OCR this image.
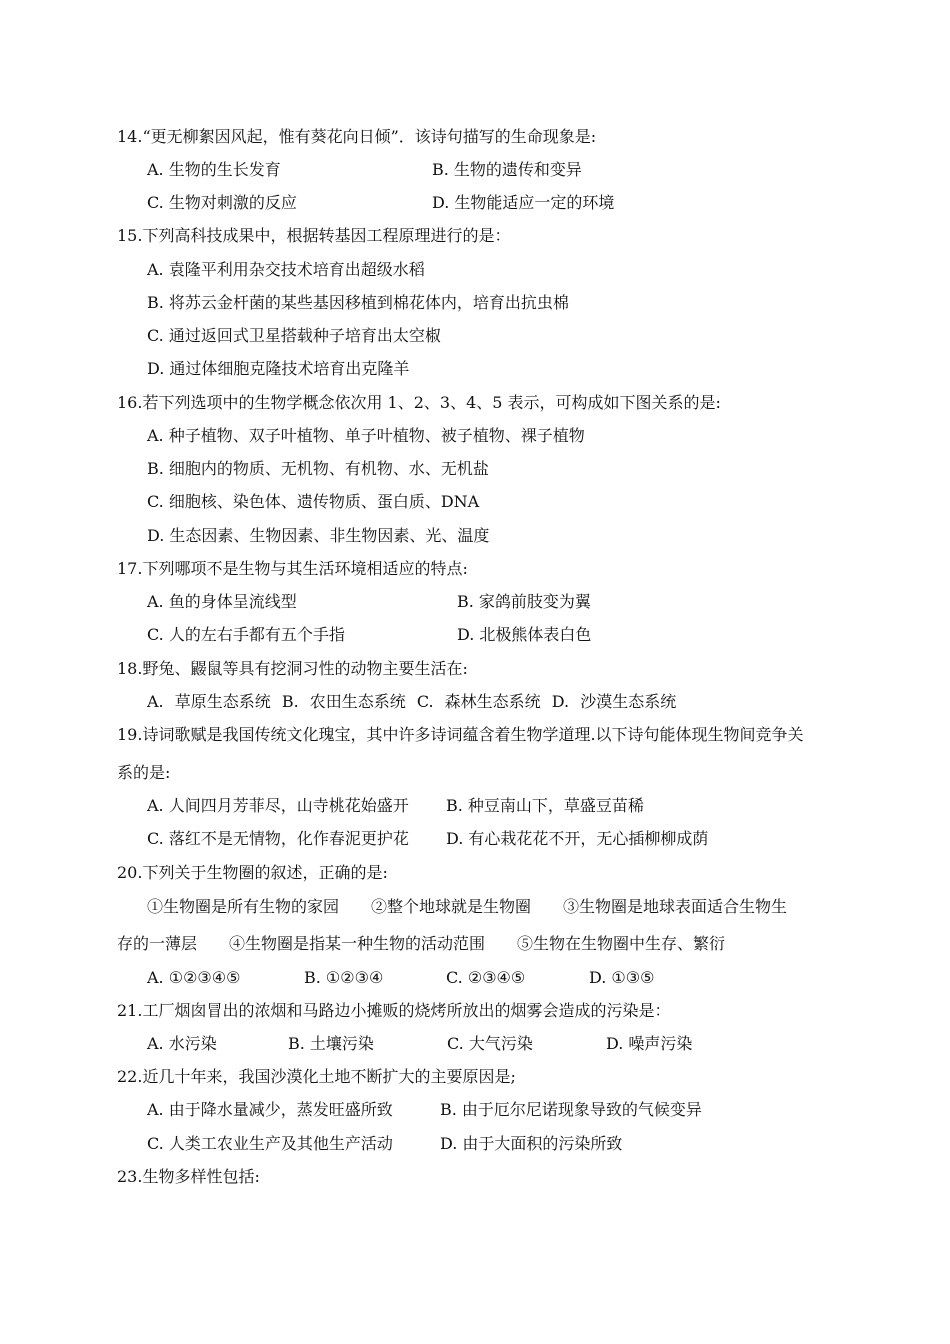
14.“更无柳絮因风起，惟有葵花向日倾”．该诗句描写的生命现象是:
A. 生物的生长发育	B. 生物的遗传和变异
C. 生物对刺激的反应	D. 生物能适应一定的环境
15.下列高科技成果中，根据转基因工程原理进行的是：
A. 袁隆平利用杂交技术培育出超级水稻
B. 将苏云金杆菌的某些基因移植到棉花体内，培育出抗虫棉
C. 通过返回式卫星搭载种子培育出太空椒
D. 通过体细胞克隆技术培育出克隆羊
16.若下列选项中的生物学概念依次用 1、2、3、4、5 表示，可构成如下图关系的是:
A. 种子植物、双子叶植物、单子叶植物、被子植物、裸子植物
B. 细胞内的物质、无机物、有机物、水、无机盐
C. 细胞核、染色体、遗传物质、蛋白质、DNA
D. 生态因素、生物因素、非生物因素、光、温度
17.下列哪项不是生物与其生活环境相适应的特点:
A. 鱼的身体呈流线型	B. 家鸽前肢变为翼
C. 人的左右手都有五个手指	D. 北极熊体表白色
18.野兔、鼹鼠等具有挖洞习性的动物主要生活在:
A. 草原生态系统 B. 农田生态系统 C. 森林生态系统 D. 沙漠生态系统
19.诗词歌赋是我国传统文化瑰宝，其中许多诗词蕴含着生物学道理.以下诗句能体现生物间竞争关
系的是:
A. 人间四月芳菲尽，山寺桃花始盛开 B. 种豆南山下，草盛豆苗稀
C. 落红不是无情物，化作春泥更护花 D. 有心栽花花不开，无心插柳柳成荫
20.下列关于生物圈的叙述，正确的是:
①生物圈是所有生物的家园　　②整个地球就是生物圈　　③生物圈是地球表面适合生物生
存的一薄层　　④生物圈是指某一种生物的活动范围　　⑤生物在生物圈中生存、繁衍
A. ①②③④⑤	B. ①②③④	C. ②③④⑤	D. ①③⑤
21.工厂烟囱冒出的浓烟和马路边小摊贩的烧烤所放出的烟雾会造成的污染是：
A. 水污染	B. 土壤污染	C. 大气污染	D. 噪声污染
22.近几十年来，我国沙漠化土地不断扩大的主要原因是;
A. 由于降水量减少，蒸发旺盛所致	B. 由于厄尔尼诺现象导致的气候变异
C. 人类工农业生产及其他生产活动	D. 由于大面积的污染所致
23.生物多样性包括:
